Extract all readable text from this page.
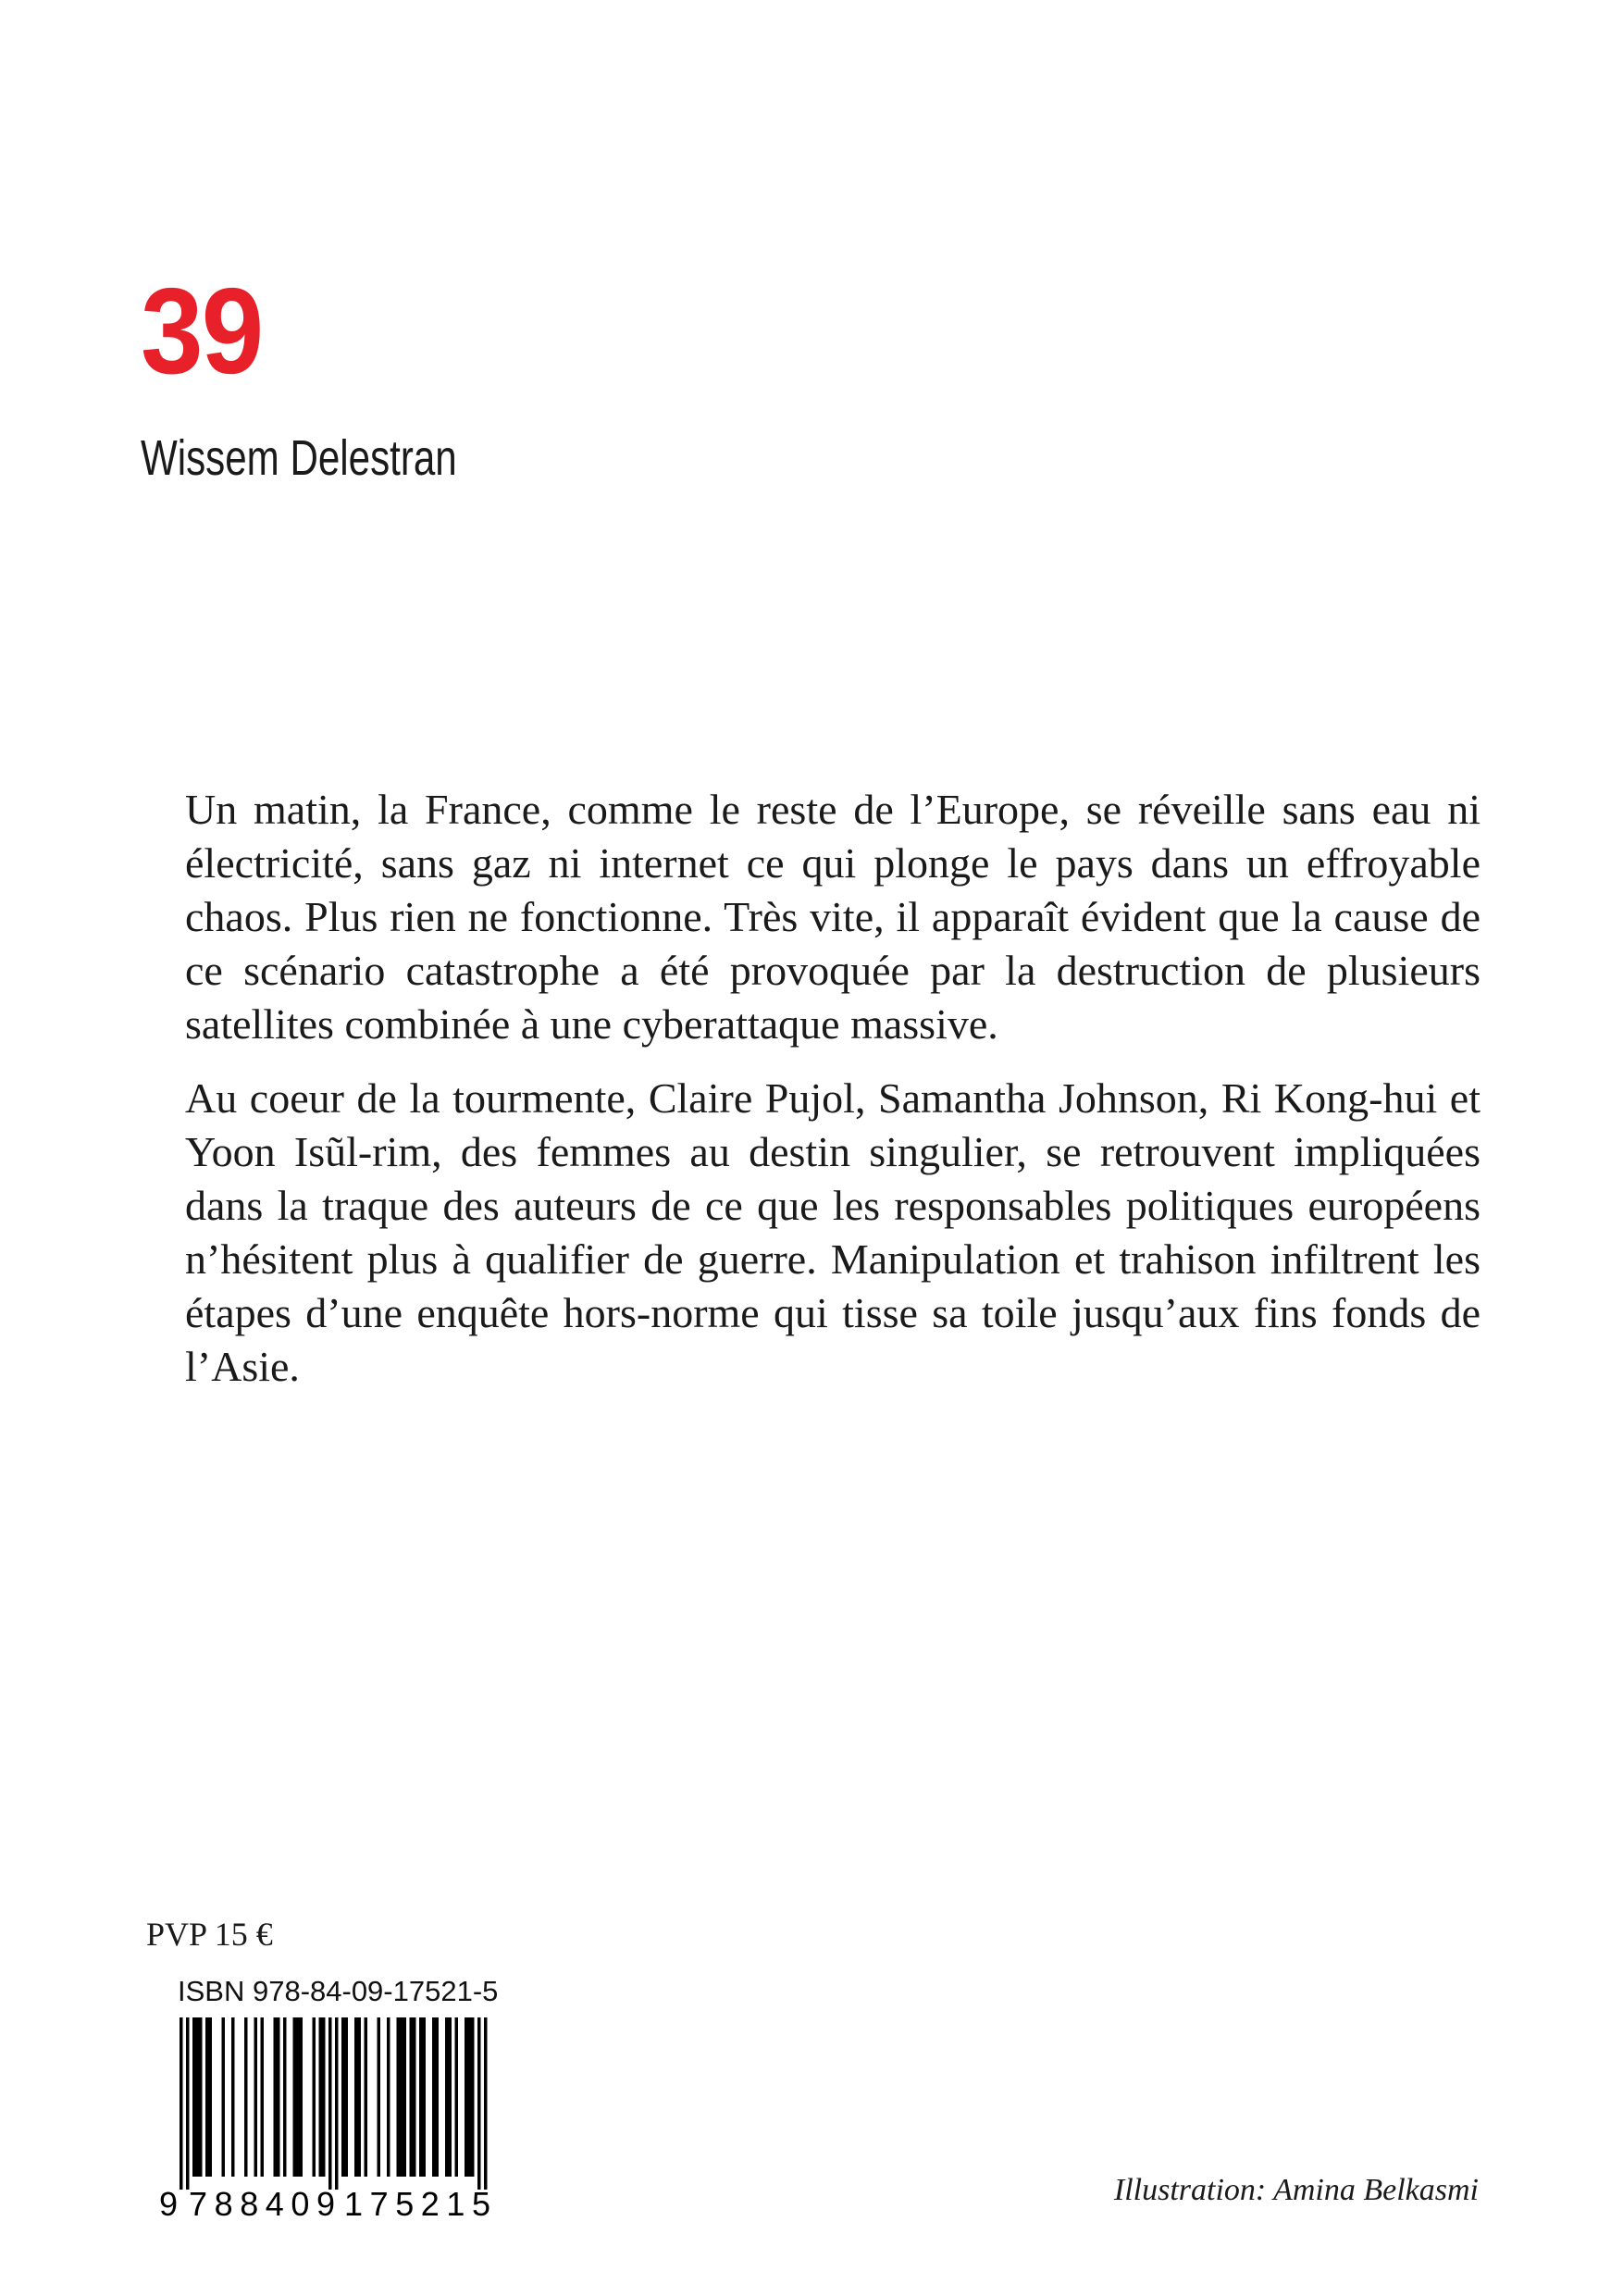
39
Wissem Delestran

Un matin, la France, comme le reste de l’Europe, se réveille sans eau ni électricité, sans gaz ni internet ce qui plonge le pays dans un effroyable chaos. Plus rien ne fonctionne. Très vite, il apparaît évident que la cause de ce scénario catastrophe a été provoquée par la destruction de plusieurs satellites combinée à une cyberattaque massive.

Au coeur de la tourmente, Claire Pujol, Samantha Johnson, Ri Kong-hui et Yoon Isũl-rim, des femmes au destin singulier, se retrouvent impliquées dans la traque des auteurs de ce que les responsables politiques européens n’hésitent plus à qualifier de guerre. Manipulation et trahison infiltrent les étapes d’une enquête hors-norme qui tisse sa toile jusqu’aux fins fonds de l’Asie.

PVP 15 €
ISBN 978-84-09-17521-5
9 788409 175215	Illustration: Amina Belkasmi
